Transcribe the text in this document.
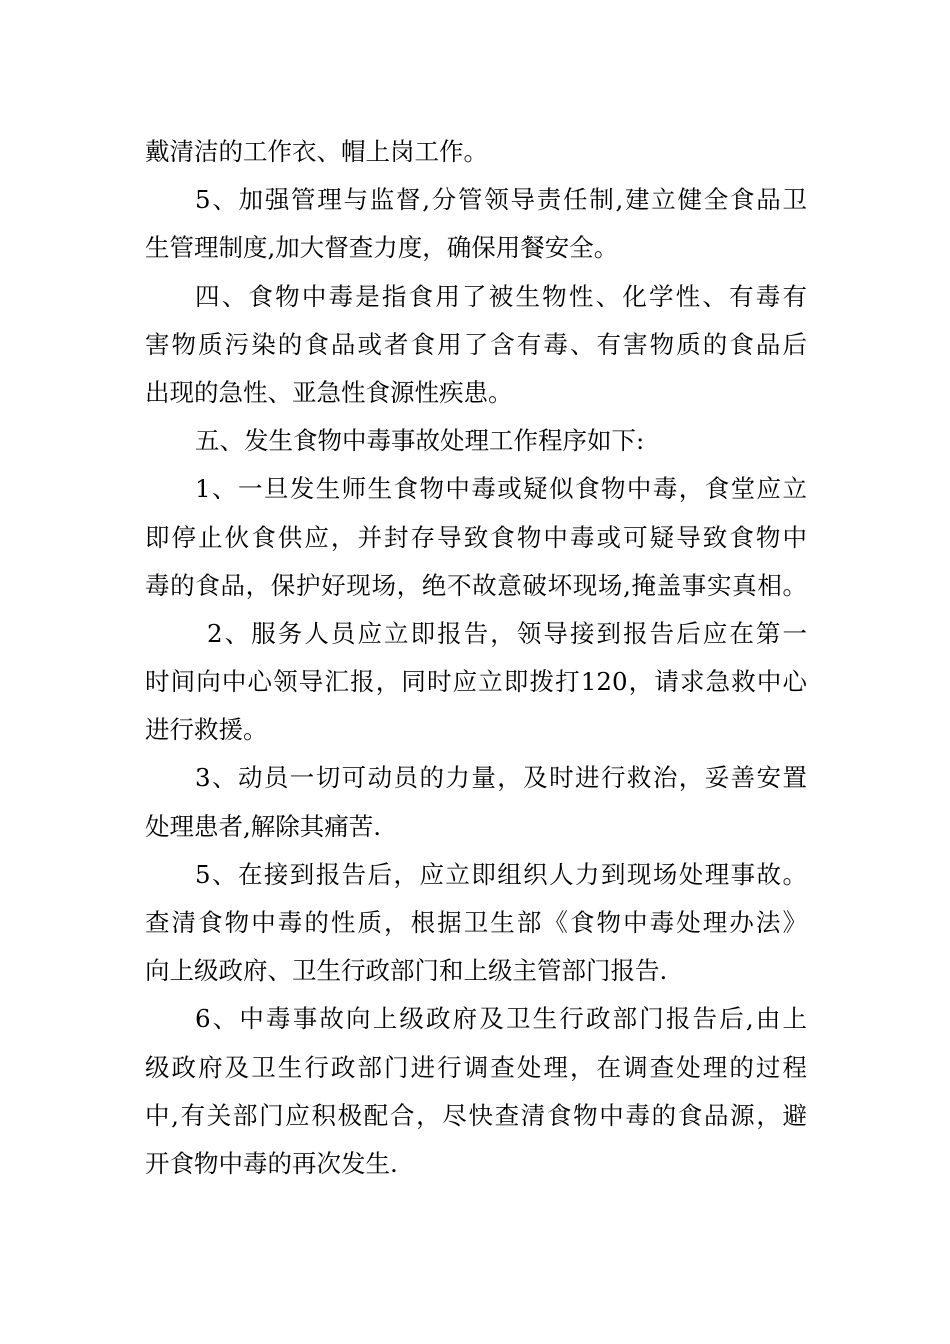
戴清洁的工作衣、帽上岗工作。
5、加强管理与监督,分管领导责任制,建立健全食品卫
生管理制度,加大督查力度，确保用餐安全。
四、食物中毒是指食用了被生物性、化学性、有毒有
害物质污染的食品或者食用了含有毒、有害物质的食品后
出现的急性、亚急性食源性疾患。
五、发生食物中毒事故处理工作程序如下:
1、一旦发生师生食物中毒或疑似食物中毒，食堂应立
即停止伙食供应，并封存导致食物中毒或可疑导致食物中
毒的食品，保护好现场，绝不故意破坏现场,掩盖事实真相。
2、服务人员应立即报告，领导接到报告后应在第一
时间向中心领导汇报，同时应立即拨打120，请求急救中心
进行救援。
3、动员一切可动员的力量，及时进行救治，妥善安置
处理患者,解除其痛苦.
5、在接到报告后，应立即组织人力到现场处理事故。
查清食物中毒的性质，根据卫生部《食物中毒处理办法》
向上级政府、卫生行政部门和上级主管部门报告.
6、中毒事故向上级政府及卫生行政部门报告后,由上
级政府及卫生行政部门进行调查处理，在调查处理的过程
中,有关部门应积极配合，尽快查清食物中毒的食品源，避
开食物中毒的再次发生.
